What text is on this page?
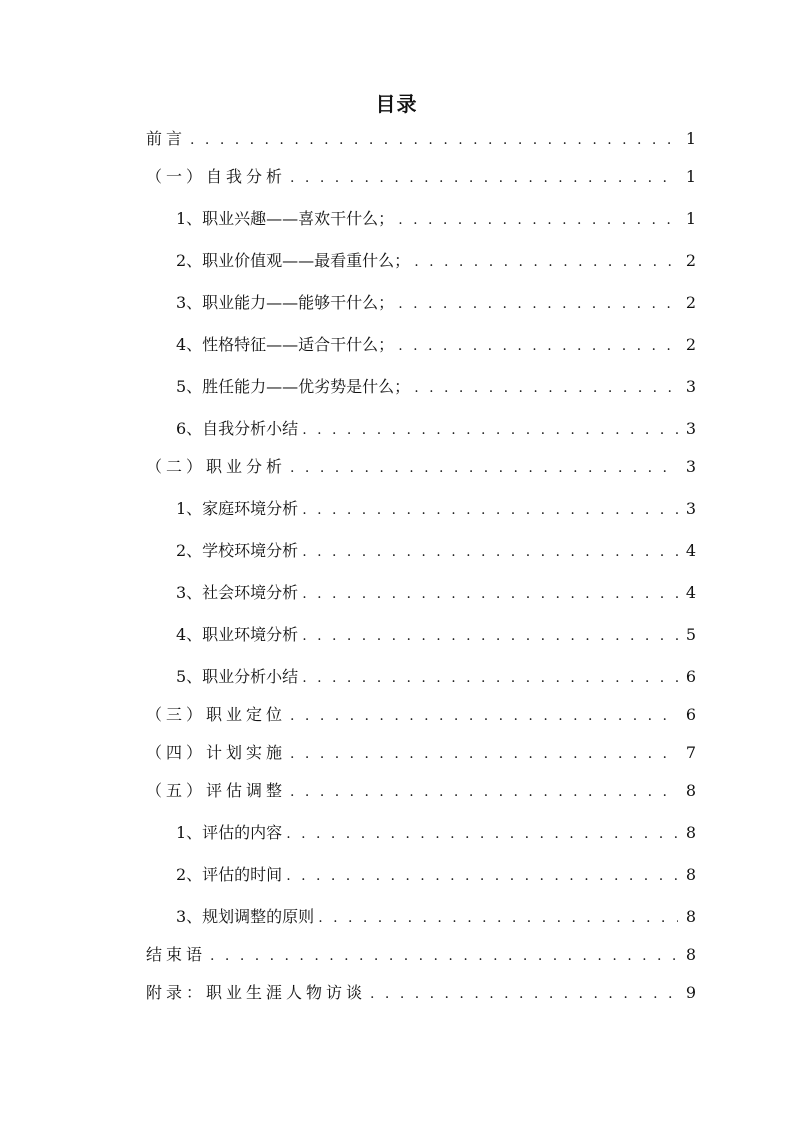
目录
前言 . . .	1
（一）自我分析 . . .	1
1、职业兴趣——喜欢干什么； . . .	1
2、职业价值观——最看重什么； . . .	2
3、职业能力——能够干什么； . . .	2
4、性格特征——适合干什么； . . .	2
5、胜任能力——优劣势是什么； . . .	3
6、自我分析小结 . . .	3
（二）职业分析 . . .	3
1、家庭环境分析 . . .	3
2、学校环境分析 . . .	4
3、社会环境分析 . . .	4
4、职业环境分析 . . .	5
5、职业分析小结 . . .	6
（三）职业定位 . . .	6
（四）计划实施 . . .	7
（五）评估调整 . . .	8
1、评估的内容 . . .	8
2、评估的时间 . . .	8
3、规划调整的原则 . . .	8
结束语 . . .	8
附录：职业生涯人物访谈 . . .	9
